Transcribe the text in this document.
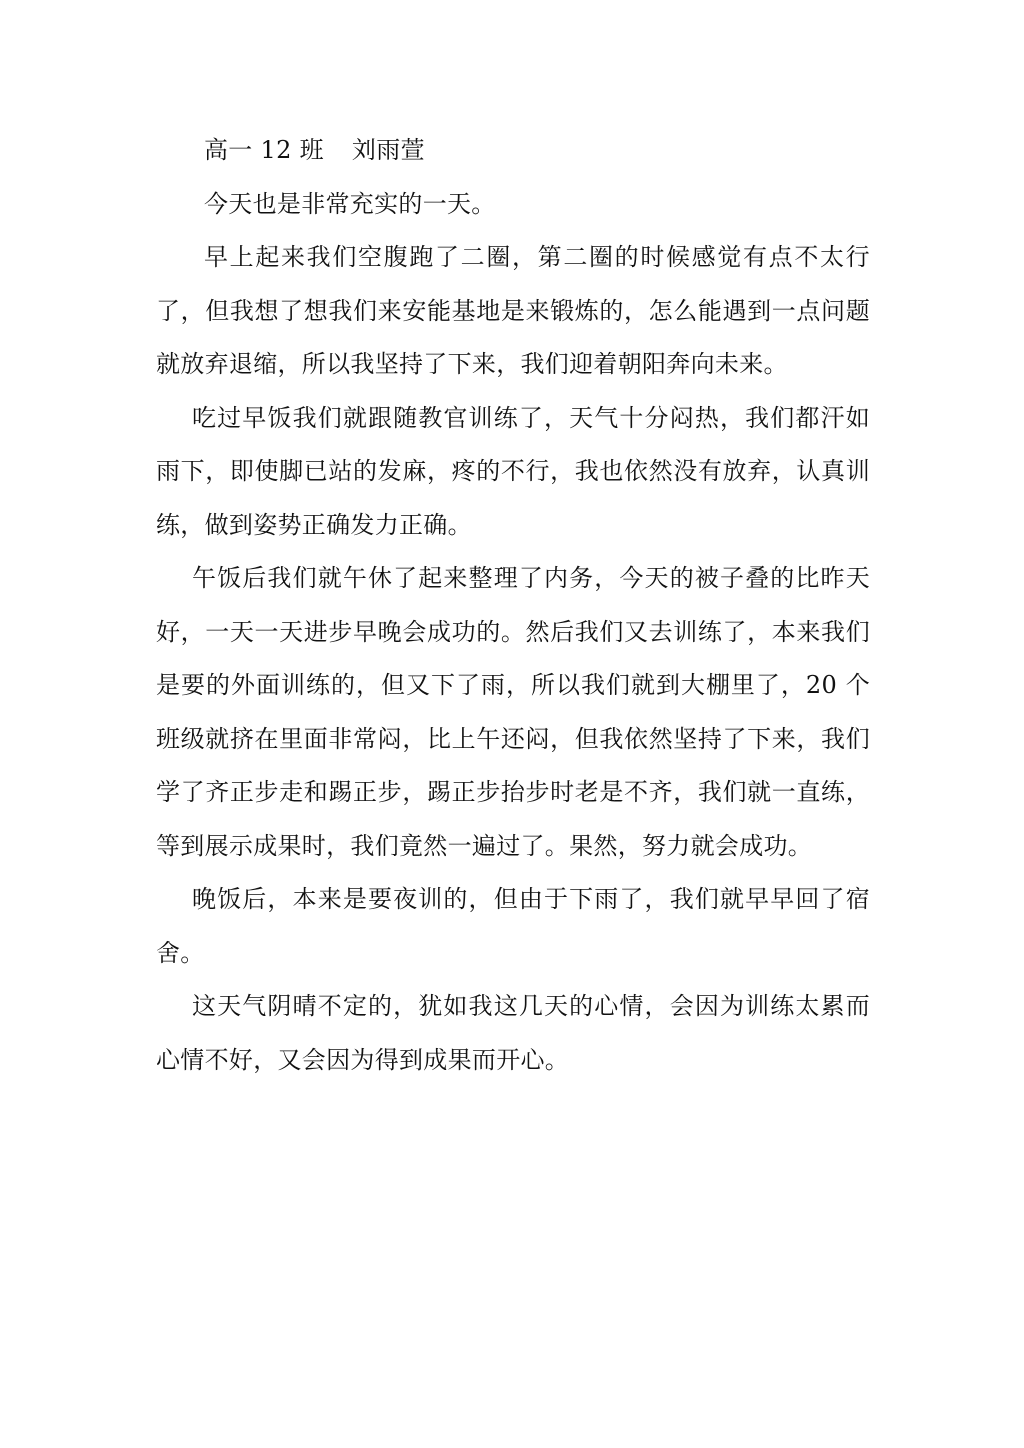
高一 12 班 刘雨萱

今天也是非常充实的一天。

早上起来我们空腹跑了二圈，第二圈的时候感觉有点不太行了，但我想了想我们来安能基地是来锻炼的，怎么能遇到一点问题就放弃退缩，所以我坚持了下来，我们迎着朝阳奔向未来。

吃过早饭我们就跟随教官训练了，天气十分闷热，我们都汗如雨下，即使脚已站的发麻，疼的不行，我也依然没有放弃，认真训练，做到姿势正确发力正确。

午饭后我们就午休了起来整理了内务，今天的被子叠的比昨天好，一天一天进步早晚会成功的。然后我们又去训练了，本来我们是要的外面训练的，但又下了雨，所以我们就到大棚里了，20 个班级就挤在里面非常闷，比上午还闷，但我依然坚持了下来，我们学了齐正步走和踢正步，踢正步抬步时老是不齐，我们就一直练，等到展示成果时，我们竟然一遍过了。果然，努力就会成功。

晚饭后，本来是要夜训的，但由于下雨了，我们就早早回了宿舍。

这天气阴晴不定的，犹如我这几天的心情，会因为训练太累而心情不好，又会因为得到成果而开心。
